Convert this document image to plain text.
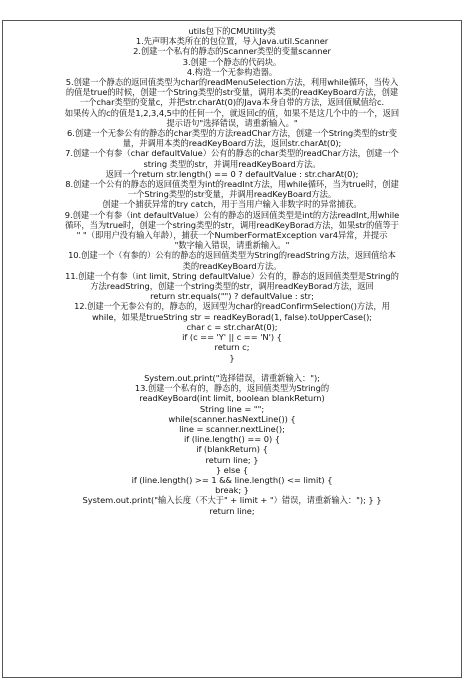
utils包下的CMUtility类
1.先声明本类所在的包位置，导入Java.util.Scanner
2.创建一个私有的静态的Scanner类型的变量scanner
3.创建一个静态的代码块。
4.构造一个无参构造器。
5.创建一个静态的返回值类型为char的readMenuSelection方法，利用while循环，当传入
的值是true的时候，创建一个String类型的str变量，调用本类的readKeyBoard方法，创建
一个char类型的变量c，并把str.charAt(0)的Java本身自带的方法，返回值赋值给c.
如果传入的c的值是1,2,3,4,5中的任何一个，就返回c的值，如果不是这几个中的一个，返回
提示语句"选择错误，请重新输入。"
6.创建一个无参公有的静态的char类型的方法readChar方法，创建一个String类型的str变
量，并调用本类的readKeyBoard方法，返回str.charAt(0);
7.创建一个有参（char defaultValue）公有的静态的char类型的readChar方法，创建一个
string 类型的str，并调用readKeyBoard方法。
返回一个return str.length() == 0 ? defaultValue : str.charAt(0);
8.创建一个公有的静态的返回值类型为int的readInt方法，用while循环，当为true时，创建
一个String类型的str变量，并调用readKeyBoard方法。
创建一个捕获异常的try catch，用于当用户输入非数字时的异常捕获。
9.创建一个有参（int defaultValue）公有的静态的返回值类型是int的方法readInt,用while
循环，当为true时，创建一个string类型的str，调用readKeyBorad方法，如果str的值等于
" "（即用户没有输入年龄），捕获一个NumberFormatException var4异常，并提示
"数字输入错误，请重新输入。"
10.创建一个（有参的）公有的静态的返回值类型为String的readString方法，返回值给本
类的readKeyBoard方法。
11.创建一个有参（int limit, String defaultValue）公有的，静态的返回值类型是String的
方法readString，创建一个string类型的str，调用readKeyBorad方法，返回
return str.equals("") ? defaultValue : str;
12.创建一个无参公有的，静态的，返回型为char的readConfirmSelection()方法，用
while，如果是trueString str = readKeyBorad(1, false).toUpperCase();
char c = str.charAt(0);
if (c == 'Y' || c == 'N') {
return c;
}
System.out.print("选择错误，请重新输入：");
13.创建一个私有的，静态的，返回值类型为String的
readKeyBoard(int limit, boolean blankReturn)
String line = "";
while(scanner.hasNextLine()) {
line = scanner.nextLine();
if (line.length() == 0) {
if (blankReturn) {
return line; }
} else {
if (line.length() >= 1 && line.length() <= limit) {
break; }
System.out.print("输入长度（不大于" + limit + "）错误，请重新输入："); } }
return line;
